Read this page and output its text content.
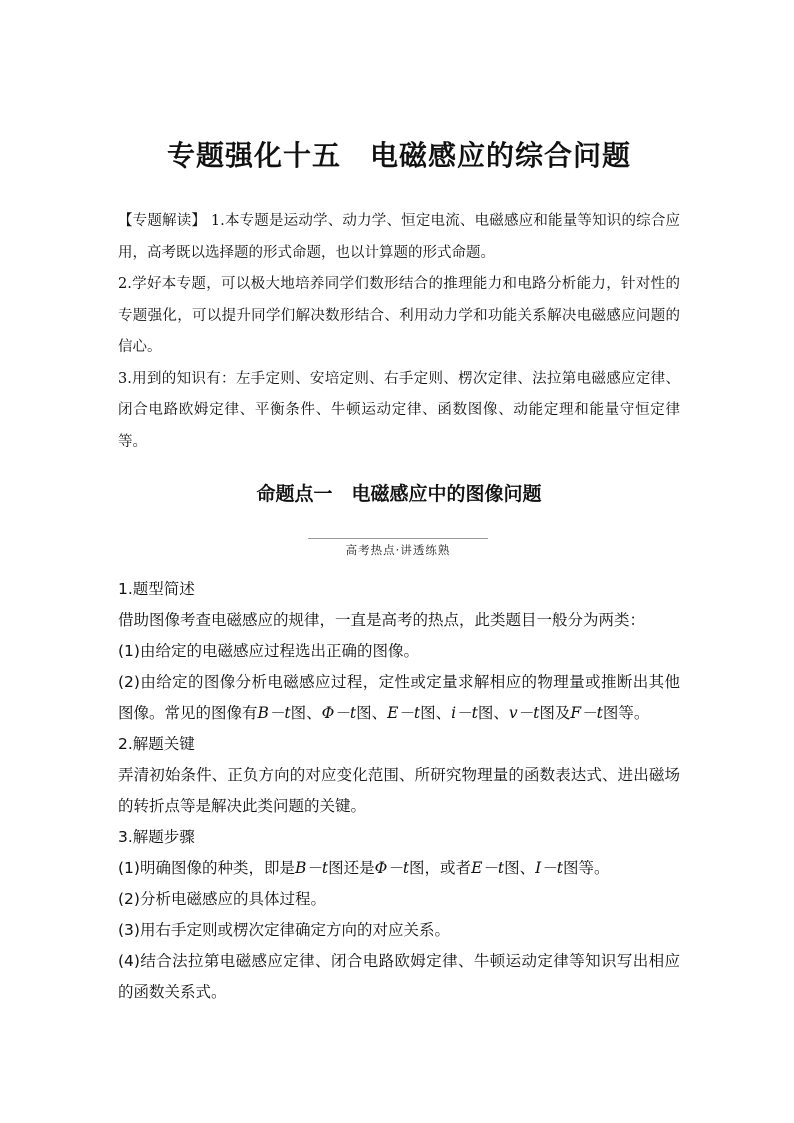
专题强化十五　电磁感应的综合问题

【专题解读】 1.本专题是运动学、动力学、恒定电流、电磁感应和能量等知识的综合应用，高考既以选择题的形式命题，也以计算题的形式命题。

2.学好本专题，可以极大地培养同学们数形结合的推理能力和电路分析能力，针对性的专题强化，可以提升同学们解决数形结合、利用动力学和功能关系解决电磁感应问题的信心。

3.用到的知识有：左手定则、安培定则、右手定则、楞次定律、法拉第电磁感应定律、闭合电路欧姆定律、平衡条件、牛顿运动定律、函数图像、动能定理和能量守恒定律等。

命题点一　电磁感应中的图像问题
高考热点·讲透练熟

1.题型简述

借助图像考查电磁感应的规律，一直是高考的热点，此类题目一般分为两类：

(1)由给定的电磁感应过程选出正确的图像。

(2)由给定的图像分析电磁感应过程，定性或定量求解相应的物理量或推断出其他图像。常见的图像有B－t图、Φ－t图、E－t图、i－t图、v－t图及F－t图等。

2.解题关键

弄清初始条件、正负方向的对应变化范围、所研究物理量的函数表达式、进出磁场的转折点等是解决此类问题的关键。

3.解题步骤

(1)明确图像的种类，即是B－t图还是Φ－t图，或者E－t图、I－t图等。

(2)分析电磁感应的具体过程。

(3)用右手定则或楞次定律确定方向的对应关系。

(4)结合法拉第电磁感应定律、闭合电路欧姆定律、牛顿运动定律等知识写出相应的函数关系式。
